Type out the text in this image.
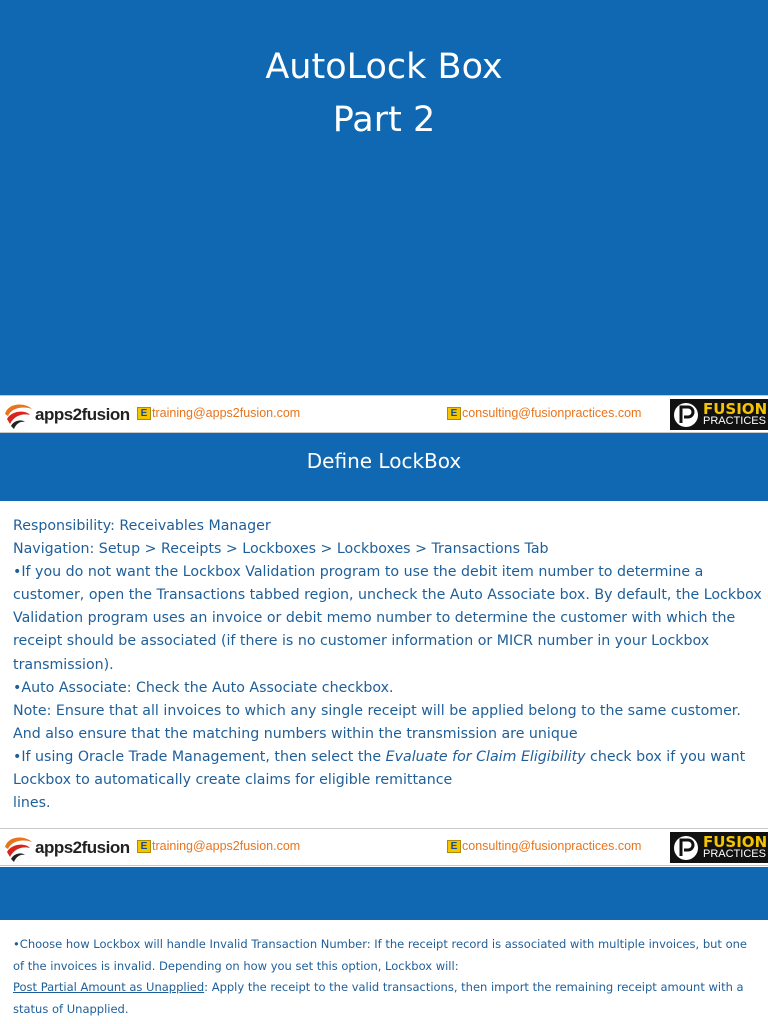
AutoLock Box
Part 2
apps2fusion	E training@apps2fusion.com	E consulting@fusionpractices.com	FUSION
PRACTICES
Define LockBox

Responsibility: Receivables Manager

Navigation: Setup > Receipts > Lockboxes > Lockboxes > Transactions Tab

•If you do not want the Lockbox Validation program to use the debit item number to determine a customer, open the Transactions tabbed region, uncheck the Auto Associate box. By default, the Lockbox Validation program uses an invoice or debit memo number to determine the customer with which the receipt should be associated (if there is no customer information or MICR number in your Lockbox transmission).

•Auto Associate: Check the Auto Associate checkbox.

Note: Ensure that all invoices to which any single receipt will be applied belong to the same customer. And also ensure that the matching numbers within the transmission are unique

•If using Oracle Trade Management, then select the Evaluate for Claim Eligibility check box if you want Lockbox to automatically create claims for eligible remittance

lines.

apps2fusion	E training@apps2fusion.com	E consulting@fusionpractices.com	FUSION
PRACTICES

•Choose how Lockbox will handle Invalid Transaction Number: If the receipt record is associated with multiple invoices, but one of the invoices is invalid. Depending on how you set this option, Lockbox will:

Post Partial Amount as Unapplied: Apply the receipt to the valid transactions, then import the remaining receipt amount with a status of Unapplied.
